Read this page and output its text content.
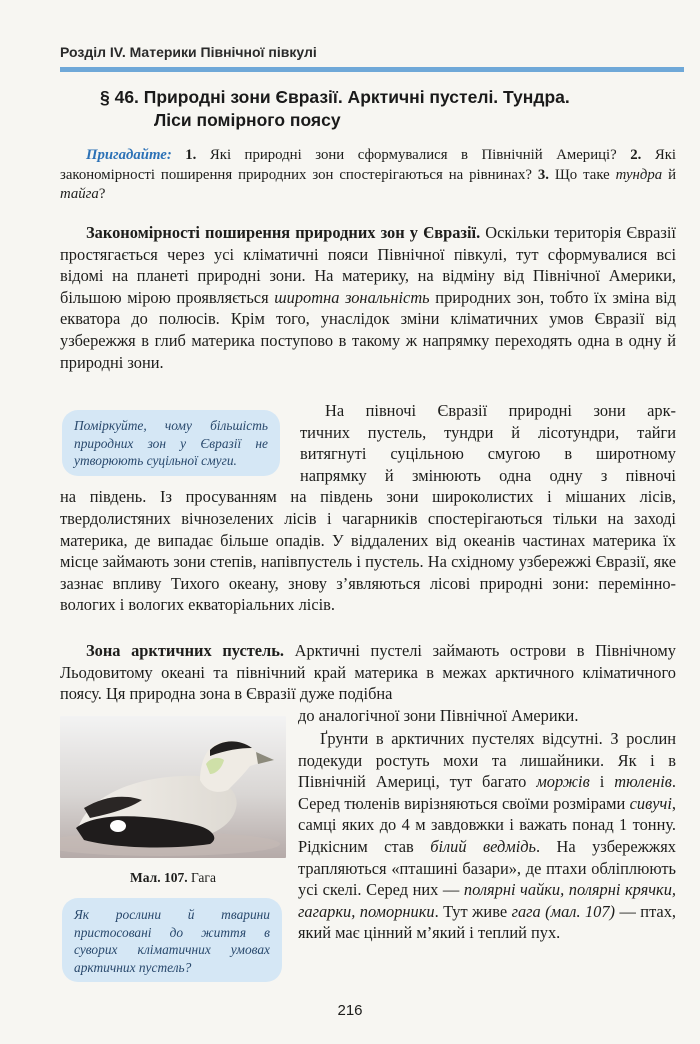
Розділ IV. Материки Північної півкулі
§ 46. Природні зони Євразії. Арктичні пустелі. Тундра.
Ліси помірного поясу
Пригадайте: 1. Які природні зони сформувалися в Північній Америці? 2. Які закономірності поширення природних зон спостерігаються на рівнинах? 3. Що таке тундра й тайга?
Закономірності поширення природних зон у Євразії. Оскільки територія Євразії простягається через усі кліматичні пояси Північної півкулі, тут сформувалися всі відомі на планеті природні зони. На материку, на відміну від Північної Америки, більшою мірою проявляється широтна зональність природних зон, тобто їх зміна від екватора до полюсів. Крім того, унаслідок зміни кліматичних умов Євразії від узбережжя в глиб материка поступово в такому ж напрямку переходять одна в одну й природні зони.
Поміркуйте, чому більшість природних зон у Євразії не утворюють суцільної смуги.
На півночі Євразії природні зони арк-
тичних пустель, тундри й лісотундри, тайги
витягнуті суцільною смугою в широтному
напрямку й змінюють одна одну з півночі
на південь. Із просуванням на південь зони широколистих і мішаних лісів, твердолистяних вічнозелених лісів і чагарників спостерігаються тільки на заході материка, де випадає більше опадів. У віддалених від океанів частинах материка їх місце займають зони степів, напівпустель і пустель. На східному узбережжі Євразії, яке зазнає впливу Тихого океану, знову з’являються лісові природні зони: перемінно-вологих і вологих екваторіальних лісів.
Зона арктичних пустель. Арктичні пустелі займають острови в Північному Льодовитому океані та північний край материка в межах арктичного кліматичного поясу. Ця природна зона в Євразії дуже подібна
до аналогічної зони Північної Америки.
Мал. 107. Гага
Ґрунти в арктичних пустелях відсутні. З рослин подекуди ростуть мохи та лишайники. Як і в Північній Америці, тут багато моржів і тюленів. Серед тюленів вирізняються своїми розмірами сивучі, самці яких до 4 м завдовжки і важать понад 1 тонну. Рідкісним став білий ведмідь. На узбережжях трапляються «пташині базари», де птахи обліплюють усі скелі. Серед них — полярні чайки, полярні крячки, гагарки, поморники. Тут живе гага (мал. 107) — птах, який має цінний м’який і теплий пух.
Як рослини й тварини пристосовані до життя в суворих кліматичних умовах арктичних пустель?
216
